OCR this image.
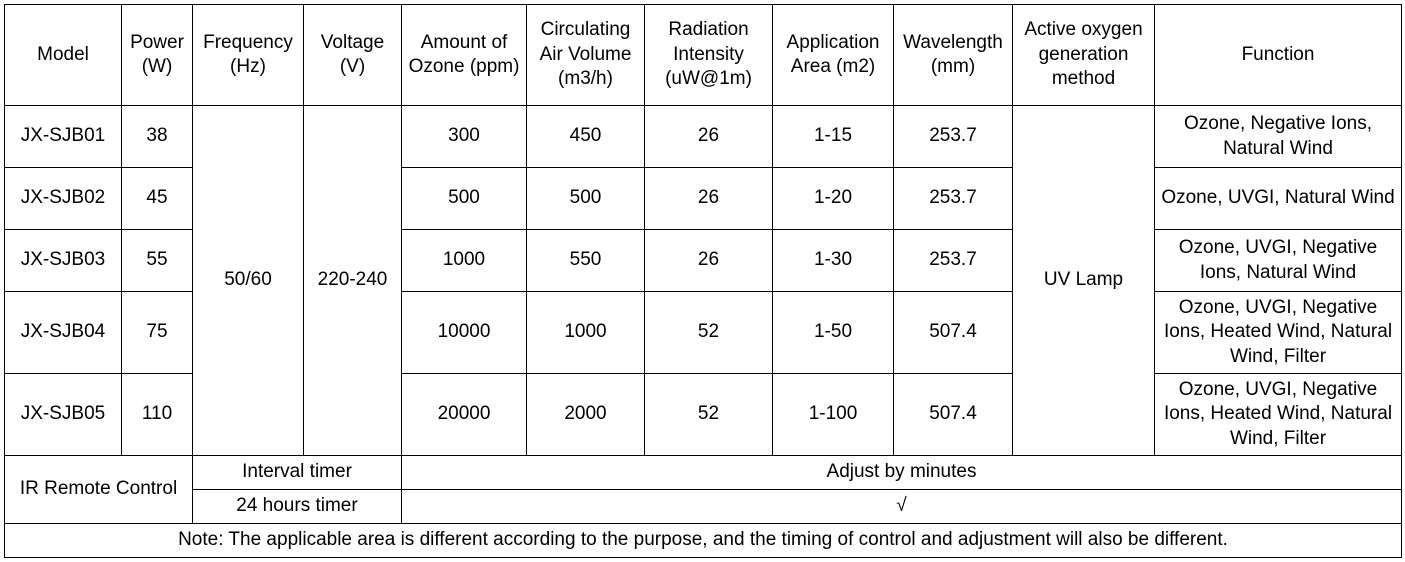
Model	Power (W)	Frequency (Hz)	Voltage (V)	Amount of Ozone (ppm)	Circulating Air Volume (m3/h)	Radiation Intensity (uW@1m)	Application Area (m2)	Wavelength (mm)	Active oxygen generation method	Function
JX-SJB01	38	50/60	220-240	300	450	26	1-15	253.7	UV Lamp	Ozone, Negative Ions, Natural Wind
JX-SJB02	45			500	500	26	1-20	253.7		Ozone, UVGI, Natural Wind
JX-SJB03	55			1000	550	26	1-30	253.7		Ozone, UVGI, Negative Ions, Natural Wind
JX-SJB04	75			10000	1000	52	1-50	507.4		Ozone, UVGI, Negative Ions, Heated Wind, Natural Wind, Filter
JX-SJB05	110			20000	2000	52	1-100	507.4		Ozone, UVGI, Negative Ions, Heated Wind, Natural Wind, Filter
IR Remote Control		Interval timer		Adjust by minutes						
		24 hours timer		√						
Note: The applicable area is different according to the purpose, and the timing of control and adjustment will also be different.										
